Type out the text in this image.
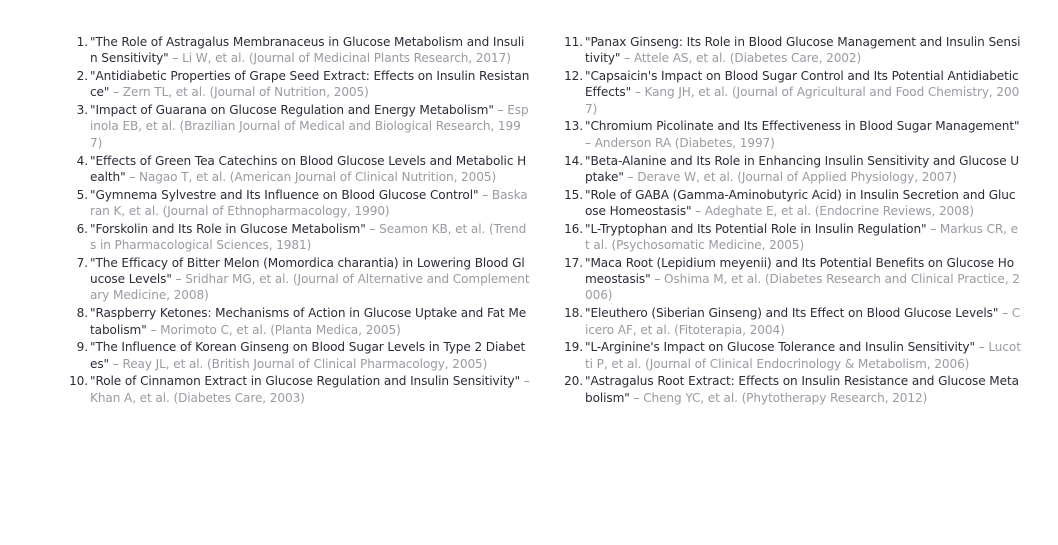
1. "The Role of Astragalus Membranaceus in Glucose Metabolism and Insulin Sensitivity" – Li W, et al. (Journal of Medicinal Plants Research, 2017)
2. "Antidiabetic Properties of Grape Seed Extract: Effects on Insulin Resistance" – Zern TL, et al. (Journal of Nutrition, 2005)
3. "Impact of Guarana on Glucose Regulation and Energy Metabolism" – Espinola EB, et al. (Brazilian Journal of Medical and Biological Research, 1997)
4. "Effects of Green Tea Catechins on Blood Glucose Levels and Metabolic Health" – Nagao T, et al. (American Journal of Clinical Nutrition, 2005)
5. "Gymnema Sylvestre and Its Influence on Blood Glucose Control" – Baskaran K, et al. (Journal of Ethnopharmacology, 1990)
6. "Forskolin and Its Role in Glucose Metabolism" – Seamon KB, et al. (Trends in Pharmacological Sciences, 1981)
7. "The Efficacy of Bitter Melon (Momordica charantia) in Lowering Blood Glucose Levels" – Sridhar MG, et al. (Journal of Alternative and Complementary Medicine, 2008)
8. "Raspberry Ketones: Mechanisms of Action in Glucose Uptake and Fat Metabolism" – Morimoto C, et al. (Planta Medica, 2005)
9. "The Influence of Korean Ginseng on Blood Sugar Levels in Type 2 Diabetes" – Reay JL, et al. (British Journal of Clinical Pharmacology, 2005)
10. "Role of Cinnamon Extract in Glucose Regulation and Insulin Sensitivity" – Khan A, et al. (Diabetes Care, 2003)
11. "Panax Ginseng: Its Role in Blood Glucose Management and Insulin Sensitivity" – Attele AS, et al. (Diabetes Care, 2002)
12. "Capsaicin's Impact on Blood Sugar Control and Its Potential Antidiabetic Effects" – Kang JH, et al. (Journal of Agricultural and Food Chemistry, 2007)
13. "Chromium Picolinate and Its Effectiveness in Blood Sugar Management" – Anderson RA (Diabetes, 1997)
14. "Beta-Alanine and Its Role in Enhancing Insulin Sensitivity and Glucose Uptake" – Derave W, et al. (Journal of Applied Physiology, 2007)
15. "Role of GABA (Gamma-Aminobutyric Acid) in Insulin Secretion and Glucose Homeostasis" – Adeghate E, et al. (Endocrine Reviews, 2008)
16. "L-Tryptophan and Its Potential Role in Insulin Regulation" – Markus CR, et al. (Psychosomatic Medicine, 2005)
17. "Maca Root (Lepidium meyenii) and Its Potential Benefits on Glucose Homeostasis" – Oshima M, et al. (Diabetes Research and Clinical Practice, 2006)
18. "Eleuthero (Siberian Ginseng) and Its Effect on Blood Glucose Levels" – Cicero AF, et al. (Fitoterapia, 2004)
19. "L-Arginine's Impact on Glucose Tolerance and Insulin Sensitivity" – Lucotti P, et al. (Journal of Clinical Endocrinology & Metabolism, 2006)
20. "Astragalus Root Extract: Effects on Insulin Resistance and Glucose Metabolism" – Cheng YC, et al. (Phytotherapy Research, 2012)
